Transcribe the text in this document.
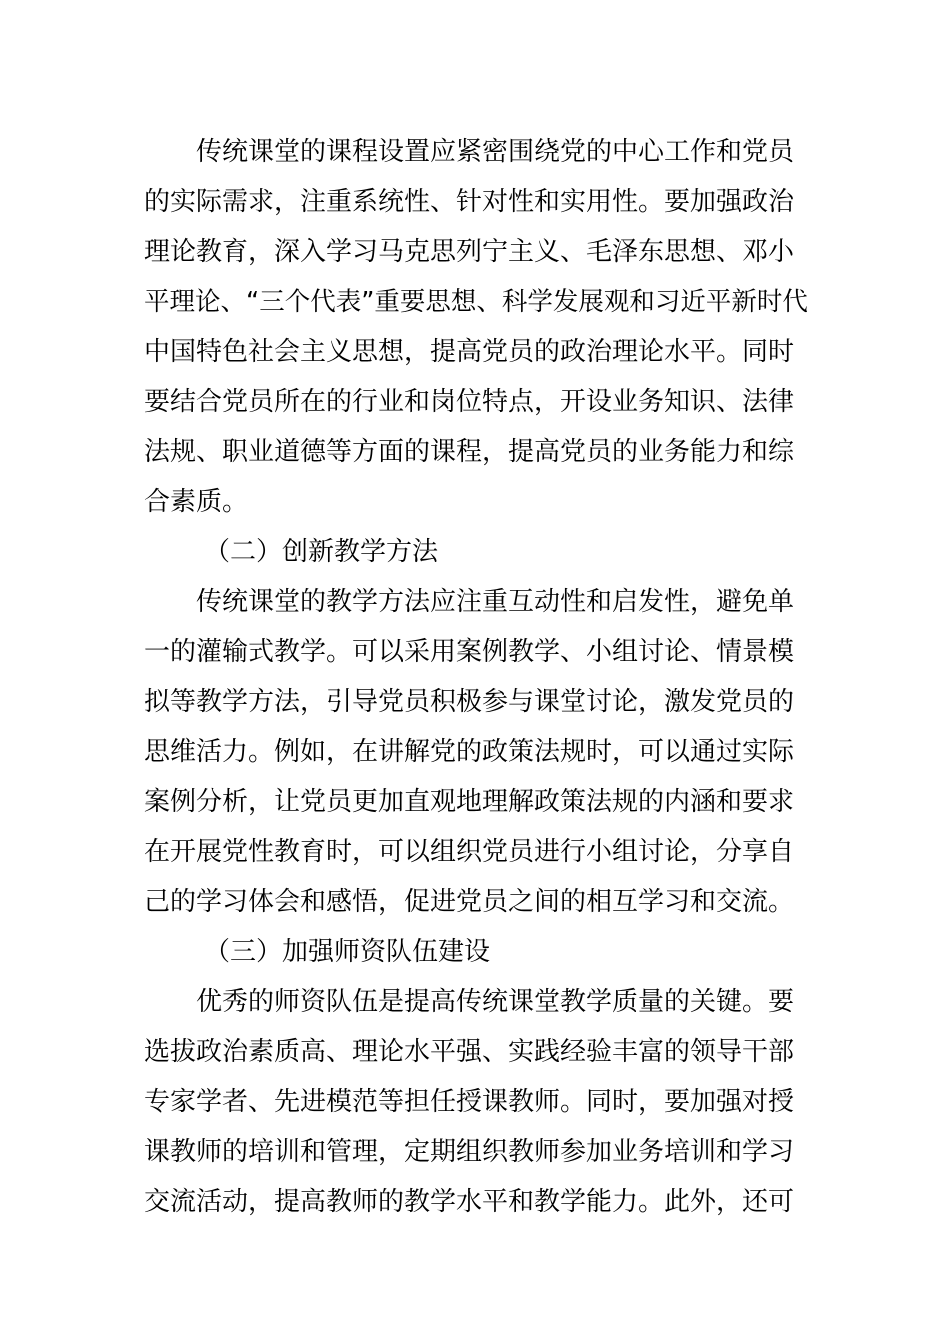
传统课堂的课程设置应紧密围绕党的中心工作和党员
的实际需求，注重系统性、针对性和实用性。要加强政治
理论教育，深入学习马克思列宁主义、毛泽东思想、邓小
平理论、“三个代表”重要思想、科学发展观和习近平新时代
中国特色社会主义思想，提高党员的政治理论水平。同时
要结合党员所在的行业和岗位特点，开设业务知识、法律
法规、职业道德等方面的课程，提高党员的业务能力和综
合素质。
（二）创新教学方法
传统课堂的教学方法应注重互动性和启发性，避免单
一的灌输式教学。可以采用案例教学、小组讨论、情景模
拟等教学方法，引导党员积极参与课堂讨论，激发党员的
思维活力。例如，在讲解党的政策法规时，可以通过实际
案例分析，让党员更加直观地理解政策法规的内涵和要求
在开展党性教育时，可以组织党员进行小组讨论，分享自
己的学习体会和感悟，促进党员之间的相互学习和交流。
（三）加强师资队伍建设
优秀的师资队伍是提高传统课堂教学质量的关键。要
选拔政治素质高、理论水平强、实践经验丰富的领导干部
专家学者、先进模范等担任授课教师。同时，要加强对授
课教师的培训和管理，定期组织教师参加业务培训和学习
交流活动，提高教师的教学水平和教学能力。此外，还可
